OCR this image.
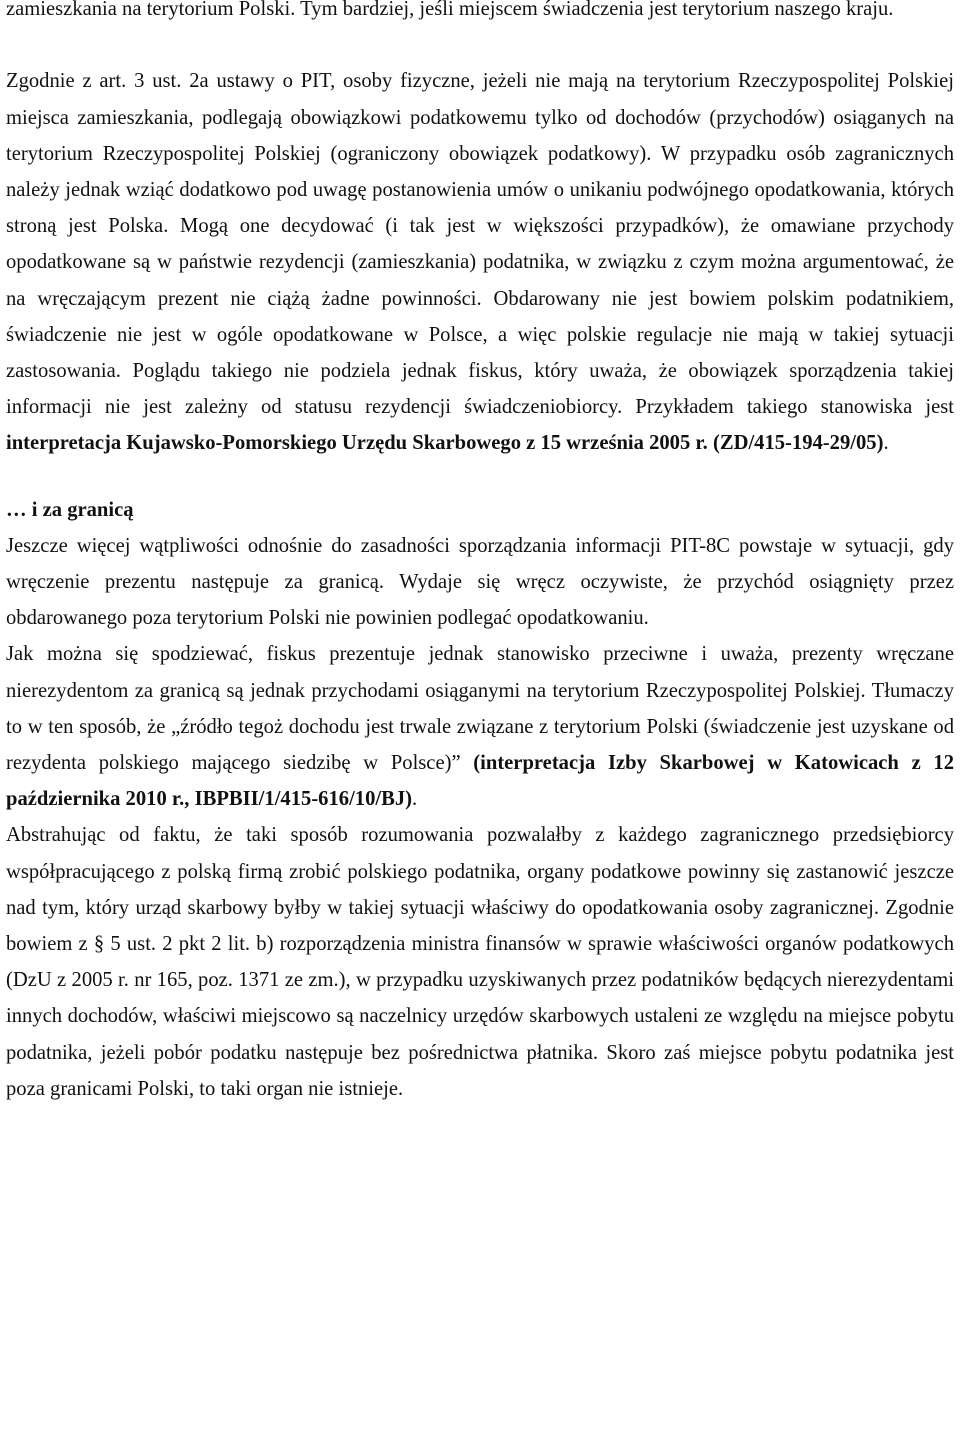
zamieszkania na terytorium Polski. Tym bardziej, jeśli miejscem świadczenia jest terytorium naszego kraju.

Zgodnie z art. 3 ust. 2a ustawy o PIT, osoby fizyczne, jeżeli nie mają na terytorium Rzeczypospolitej Polskiej miejsca zamieszkania, podlegają obowiązkowi podatkowemu tylko od dochodów (przychodów) osiąganych na terytorium Rzeczypospolitej Polskiej (ograniczony obowiązek podatkowy). W przypadku osób zagranicznych należy jednak wziąć dodatkowo pod uwagę postanowienia umów o unikaniu podwójnego opodatkowania, których stroną jest Polska. Mogą one decydować (i tak jest w większości przypadków), że omawiane przychody opodatkowane są w państwie rezydencji (zamieszkania) podatnika, w związku z czym można argumentować, że na wręczającym prezent nie ciążą żadne powinności. Obdarowany nie jest bowiem polskim podatnikiem, świadczenie nie jest w ogóle opodatkowane w Polsce, a więc polskie regulacje nie mają w takiej sytuacji zastosowania. Poglądu takiego nie podziela jednak fiskus, który uważa, że obowiązek sporządzenia takiej informacji nie jest zależny od statusu rezydencji świadczeniobiorcy. Przykładem takiego stanowiska jest interpretacja Kujawsko-Pomorskiego Urzędu Skarbowego z 15 września 2005 r. (ZD/415-194-29/05).

… i za granicą

Jeszcze więcej wątpliwości odnośnie do zasadności sporządzania informacji PIT-8C powstaje w sytuacji, gdy wręczenie prezentu następuje za granicą. Wydaje się wręcz oczywiste, że przychód osiągnięty przez obdarowanego poza terytorium Polski nie powinien podlegać opodatkowaniu.

Jak można się spodziewać, fiskus prezentuje jednak stanowisko przeciwne i uważa, prezenty wręczane nierezydentom za granicą są jednak przychodami osiąganymi na terytorium Rzeczypospolitej Polskiej. Tłumaczy to w ten sposób, że „źródło tegoż dochodu jest trwale związane z terytorium Polski (świadczenie jest uzyskane od rezydenta polskiego mającego siedzibę w Polsce)” (interpretacja Izby Skarbowej w Katowicach z 12 października 2010 r., IBPBII/1/415-616/10/BJ).

Abstrahując od faktu, że taki sposób rozumowania pozwalałby z każdego zagranicznego przedsiębiorcy współpracującego z polską firmą zrobić polskiego podatnika, organy podatkowe powinny się zastanowić jeszcze nad tym, który urząd skarbowy byłby w takiej sytuacji właściwy do opodatkowania osoby zagranicznej. Zgodnie bowiem z § 5 ust. 2 pkt 2 lit. b) rozporządzenia ministra finansów w sprawie właściwości organów podatkowych (DzU z 2005 r. nr 165, poz. 1371 ze zm.), w przypadku uzyskiwanych przez podatników będących nierezydentami innych dochodów, właściwi miejscowo są naczelnicy urzędów skarbowych ustaleni ze względu na miejsce pobytu podatnika, jeżeli pobór podatku następuje bez pośrednictwa płatnika. Skoro zaś miejsce pobytu podatnika jest poza granicami Polski, to taki organ nie istnieje.
